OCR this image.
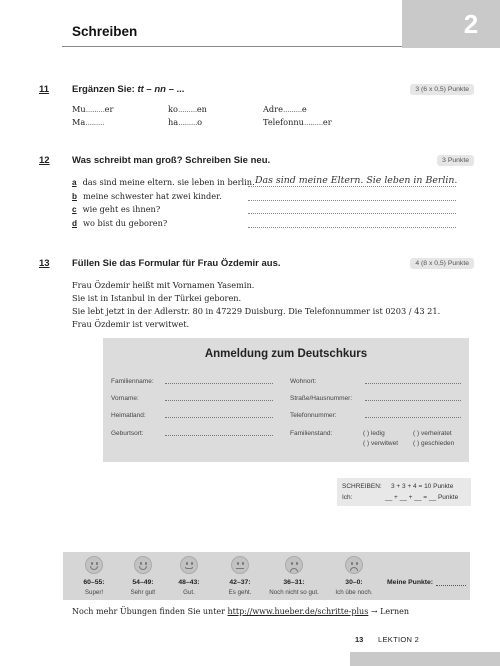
Schreiben	2
11 Ergänzen Sie: tt – nn – ...	3 (6 x 0,5) Punkte
Mu.........er	ko.........en	Adre.........e
Ma.........	ha.........o	Telefonnu.........er
12 Was schreibt man groß? Schreiben Sie neu.	3 Punkte
a das sind meine eltern. sie leben in berlin. Das sind meine Eltern. Sie leben in Berlin.
b meine schwester hat zwei kinder.
c wie geht es ihnen?
d wo bist du geboren?
13 Füllen Sie das Formular für Frau Özdemir aus.	4 (8 x 0,5) Punkte
Frau Özdemir heißt mit Vornamen Yasemin.
Sie ist in Istanbul in der Türkei geboren.
Sie lebt jetzt in der Adlerstr. 80 in 47229 Duisburg. Die Telefonnummer ist 0203 / 43 21.
Frau Özdemir ist verwitwet.
Anmeldung zum Deutschkurs
Familienname:
Vorname:
Heimatland:
Geburtsort:
Wohnort:
Straße/Hausnummer:
Telefonnummer:
Familienstand:	( ) ledig	( ) verheiratet
( ) verwitwet ( ) geschieden
SCHREIBEN: 3 + 3 + 4 = 10 Punkte
Ich:	__ + __ + __ = __ Punkte
60–55:
Super!
54–49:
Sehr gut!
48–43:
Gut.
42–37:
Es geht.
36–31:
Noch nicht so gut.
30–0:
Ich übe noch.
Meine Punkte:
Noch mehr Übungen finden Sie unter http://www.hueber.de/schritte-plus → Lernen
13 LEKTION 2
